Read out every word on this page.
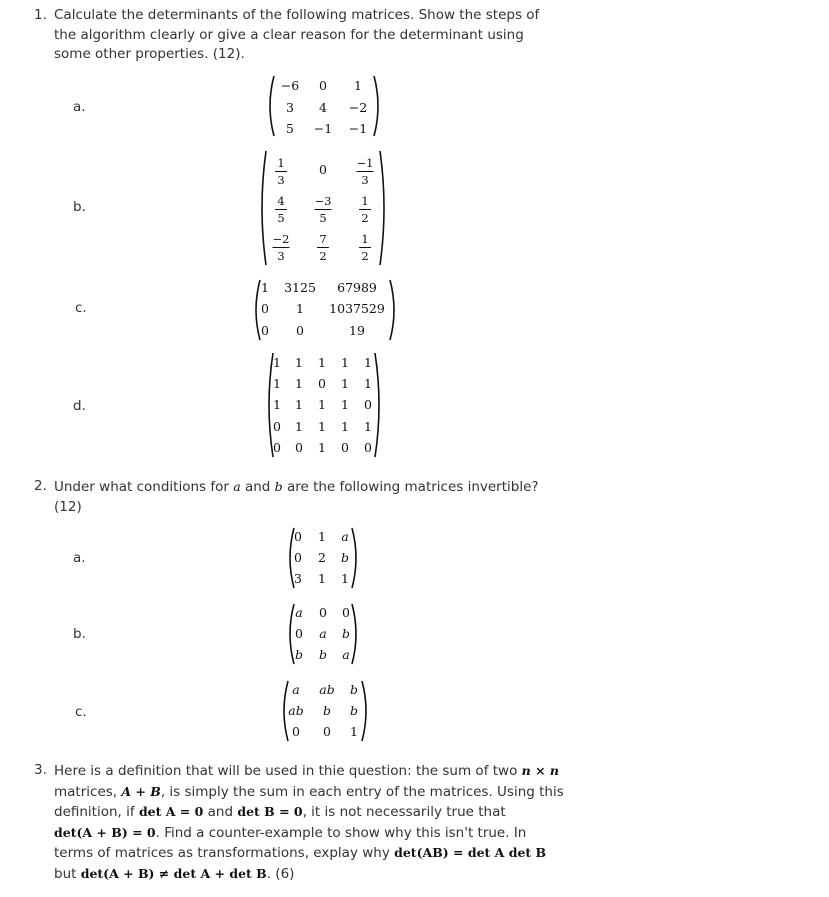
1. Calculate the determinants of the following matrices. Show the steps of
the algorithm clearly or give a clear reason for the determinant using
some other properties. (12).
a.
−6 0 1
3 4 −2
5 −1 −1
b.
1
3
0	−1
3
4
5
−3
5
1
2
−2
3
7
2
1
2
c.
1 3125 67989
0 1 1037529
0 0	19
d.
1 1 1 1 1
1 1 0 1 1
1 1 1 1 0
0 1 1 1 1
0 0 1 0 0
2. Under what conditions for a and b are the following matrices invertible?
(12)
a.
0 1 a
0 2 b
3 1 1
b.
a 0 0
0 a b
b b a
c.
a ab b
ab b b
0 0 1
3. Here is a definition that will be used in thie question: the sum of two n × n
matrices, A + B, is simply the sum in each entry of the matrices. Using this
definition, if det A = 0 and det B = 0, it is not necessarily true that
det(A + B) = 0. Find a counter-example to show why this isn't true. In
terms of matrices as transformations, explay why det(AB) = det A det B
but det(A + B) ≠ det A + det B. (6)
